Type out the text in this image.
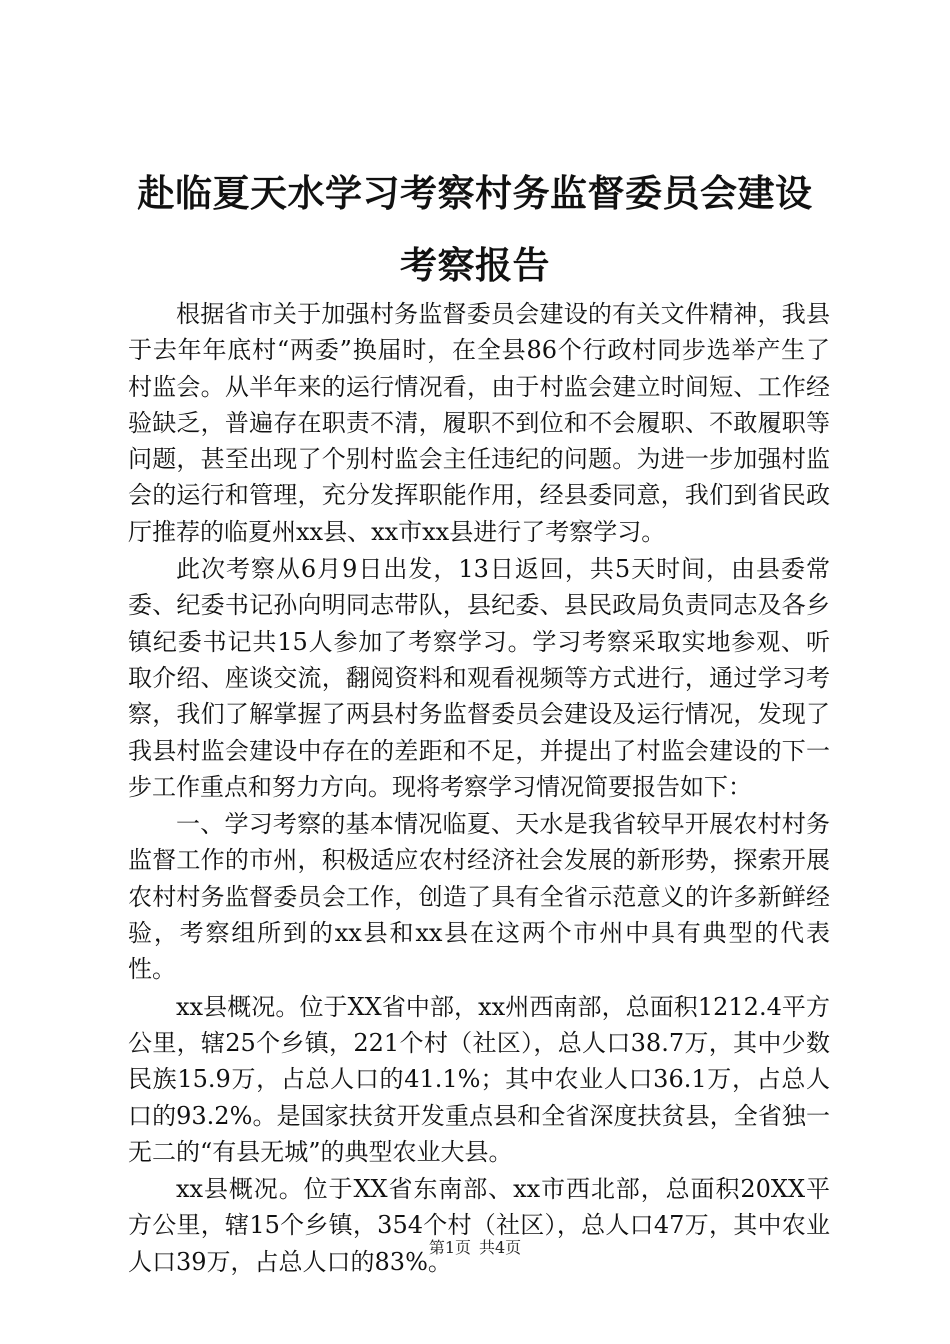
赴临夏天水学习考察村务监督委员会建设考察报告

根据省市关于加强村务监督委员会建设的有关文件精神，我县于去年年底村“两委”换届时，在全县86个行政村同步选举产生了村监会。从半年来的运行情况看，由于村监会建立时间短、工作经验缺乏，普遍存在职责不清，履职不到位和不会履职、不敢履职等问题，甚至出现了个别村监会主任违纪的问题。为进一步加强村监会的运行和管理，充分发挥职能作用，经县委同意，我们到省民政厅推荐的临夏州xx县、xx市xx县进行了考察学习。

此次考察从6月9日出发，13日返回，共5天时间，由县委常委、纪委书记孙向明同志带队，县纪委、县民政局负责同志及各乡镇纪委书记共15人参加了考察学习。学习考察采取实地参观、听取介绍、座谈交流，翻阅资料和观看视频等方式进行，通过学习考察，我们了解掌握了两县村务监督委员会建设及运行情况，发现了我县村监会建设中存在的差距和不足，并提出了村监会建设的下一步工作重点和努力方向。现将考察学习情况简要报告如下：

一、学习考察的基本情况临夏、天水是我省较早开展农村村务监督工作的市州，积极适应农村经济社会发展的新形势，探索开展农村村务监督委员会工作，创造了具有全省示范意义的许多新鲜经验，考察组所到的xx县和xx县在这两个市州中具有典型的代表性。

xx县概况。位于XX省中部，xx州西南部，总面积1212.4平方公里，辖25个乡镇，221个村（社区），总人口38.7万，其中少数民族15.9万，占总人口的41.1%；其中农业人口36.1万，占总人口的93.2%。是国家扶贫开发重点县和全省深度扶贫县，全省独一无二的“有县无城”的典型农业大县。

xx县概况。位于XX省东南部、xx市西北部，总面积20XX平方公里，辖15个乡镇，354个村（社区），总人口47万，其中农业人口39万，占总人口的83%。

第1页 共4页
